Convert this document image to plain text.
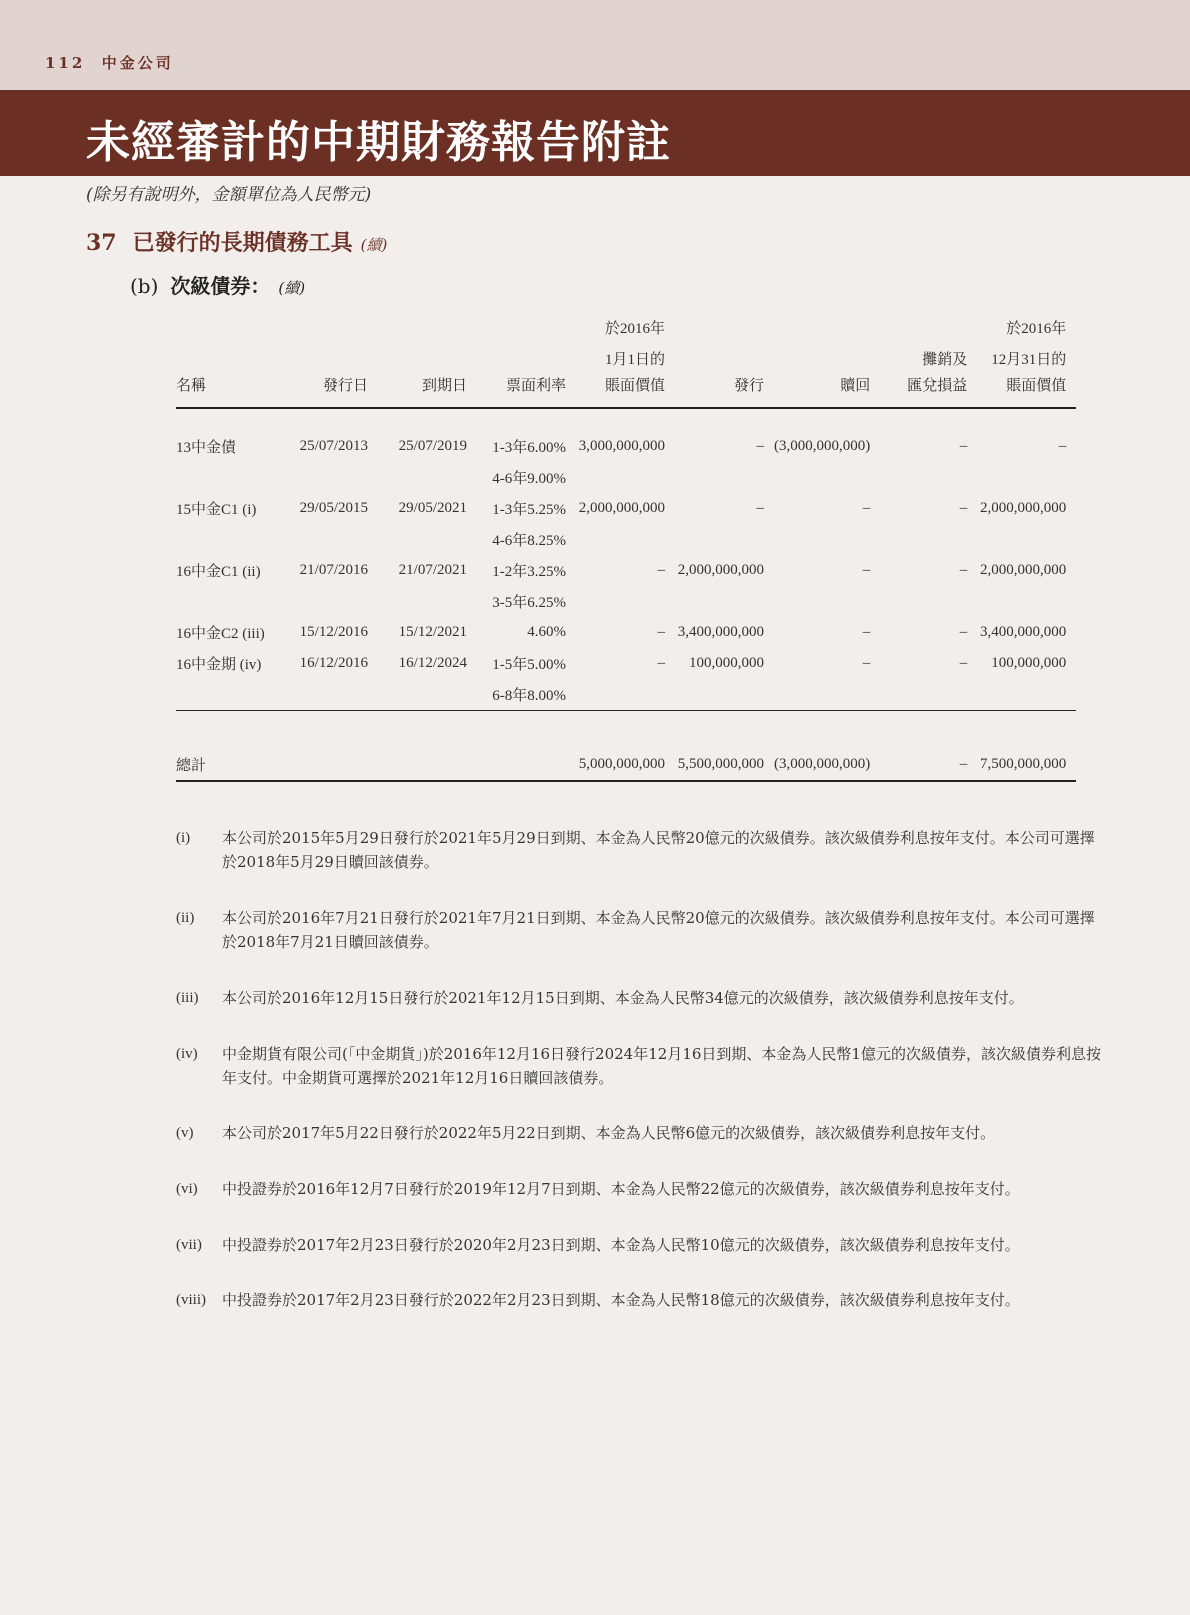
112 中金公司
未經審計的中期財務報告附註
(除另有說明外，金額單位為人民幣元)
37 已發行的長期債務工具 (續)
(b) 次級債券： (續)
				於2016年				於2016年
				1月1日的			攤銷及	12月31日的
名稱	發行日	到期日	票面利率	賬面價值	發行	贖回	匯兌損益	賬面價值

13中金債	25/07/2013	25/07/2019	1-3年6.00%	3,000,000,000	–	(3,000,000,000)	–	–
			4-6年9.00%					
15中金C1 (i)	29/05/2015	29/05/2021	1-3年5.25%	2,000,000,000	–	–	–	2,000,000,000
			4-6年8.25%					
16中金C1 (ii)	21/07/2016	21/07/2021	1-2年3.25%	–	2,000,000,000	–	–	2,000,000,000
			3-5年6.25%					
16中金C2 (iii)	15/12/2016	15/12/2021	4.60%	–	3,400,000,000	–	–	3,400,000,000
16中金期 (iv)	16/12/2016	16/12/2024	1-5年5.00%	–	100,000,000	–	–	100,000,000
			6-8年8.00%					

總計				5,000,000,000	5,500,000,000	(3,000,000,000)	–	7,500,000,000
(i)	本公司於2015年5月29日發行於2021年5月29日到期、本金為人民幣20億元的次級債券。該次級債券利息按年支付。本公司可選擇於2018年5月29日贖回該債券。
(ii)	本公司於2016年7月21日發行於2021年7月21日到期、本金為人民幣20億元的次級債券。該次級債券利息按年支付。本公司可選擇於2018年7月21日贖回該債券。
(iii)	本公司於2016年12月15日發行於2021年12月15日到期、本金為人民幣34億元的次級債券，該次級債券利息按年支付。
(iv)	中金期貨有限公司(「中金期貨」)於2016年12月16日發行2024年12月16日到期、本金為人民幣1億元的次級債券，該次級債券利息按年支付。中金期貨可選擇於2021年12月16日贖回該債券。
(v)	本公司於2017年5月22日發行於2022年5月22日到期、本金為人民幣6億元的次級債券，該次級債券利息按年支付。
(vi)	中投證券於2016年12月7日發行於2019年12月7日到期、本金為人民幣22億元的次級債券，該次級債券利息按年支付。
(vii)	中投證券於2017年2月23日發行於2020年2月23日到期、本金為人民幣10億元的次級債券，該次級債券利息按年支付。
(viii)	中投證券於2017年2月23日發行於2022年2月23日到期、本金為人民幣18億元的次級債券，該次級債券利息按年支付。
